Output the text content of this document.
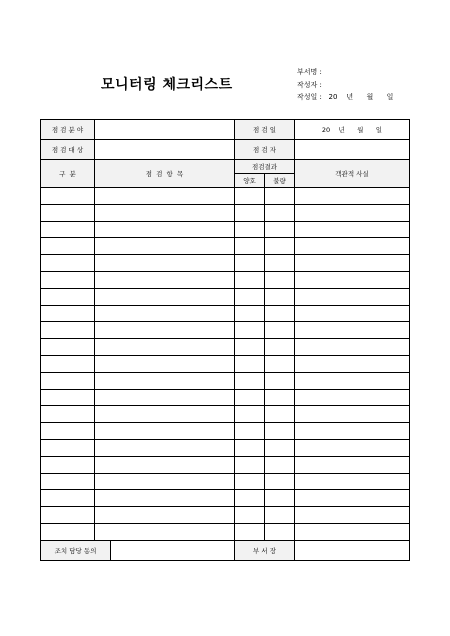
모니터링 체크리스트
부서명 :
작성자 :
작성일 :   20    년      월      일
점 검 분 야			점 검 일		20    년      월      일
점 검 대 상			점 검 자		
구  분	점  검  항  목		점검결과		객관적 사실
			양호	불량	

조치 담당 동의			부 서 장		
